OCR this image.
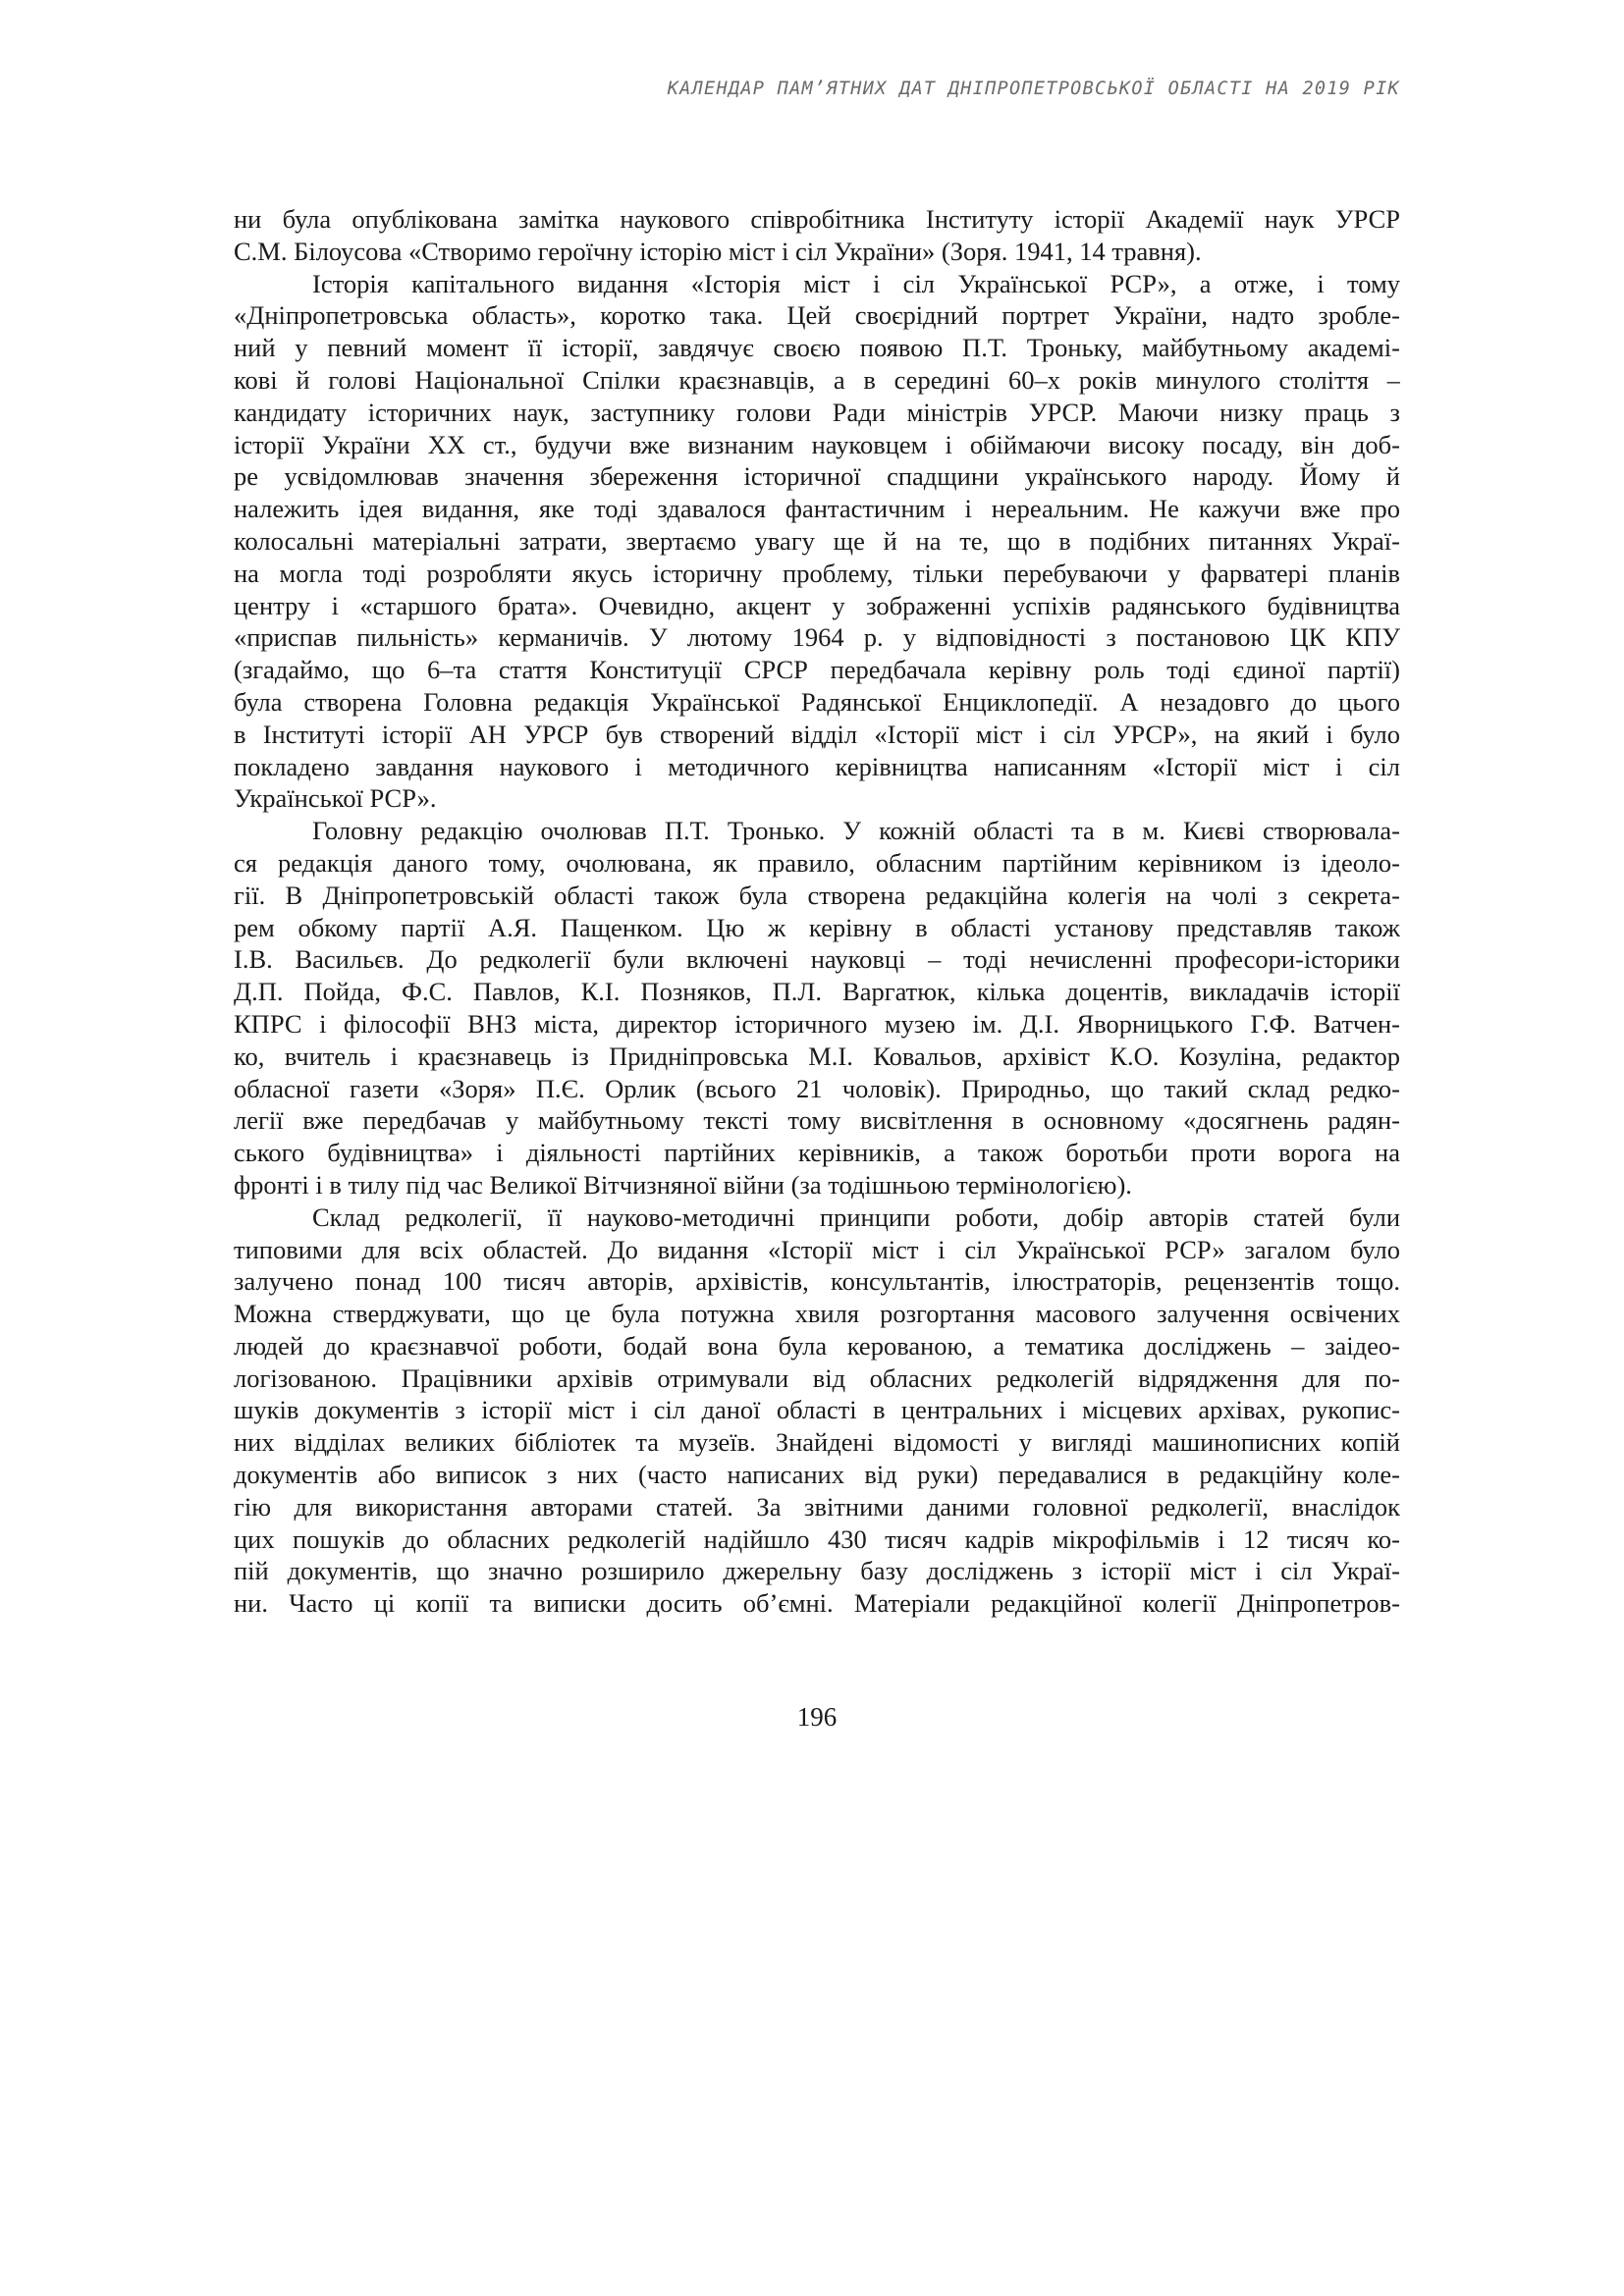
КАЛЕНДАР ПАМ’ЯТНИХ ДАТ ДНІПРОПЕТРОВСЬКОЇ ОБЛАСТІ НА 2019 РІК

ни була опублікована замітка наукового співробітника Інституту історії Академії наук УРСР
С.М. Білоусова «Створимо героїчну історію міст і сіл України» (Зоря. 1941, 14 травня).

Історія капітального видання «Історія міст і сіл Української РСР», а отже, і тому
«Дніпропетровська область», коротко така. Цей своєрідний портрет України, надто зробле-
ний у певний момент її історії, завдячує своєю появою П.Т. Троньку, майбутньому академі-
кові й голові Національної Спілки краєзнавців, а в середині 60–х років минулого століття –
кандидату історичних наук, заступнику голови Ради міністрів УРСР. Маючи низку праць з
історії України XX ст., будучи вже визнаним науковцем і обіймаючи високу посаду, він доб-
ре усвідомлював значення збереження історичної спадщини українського народу. Йому й
належить ідея видання, яке тоді здавалося фантастичним і нереальним. Не кажучи вже про
колосальні матеріальні затрати, звертаємо увагу ще й на те, що в подібних питаннях Украї-
на могла тоді розробляти якусь історичну проблему, тільки перебуваючи у фарватері планів
центру і «старшого брата». Очевидно, акцент у зображенні успіхів радянського будівництва
«приспав пильність» керманичів. У лютому 1964 р. у відповідності з постановою ЦК КПУ
(згадаймо, що 6–та стаття Конституції СРСР передбачала керівну роль тоді єдиної партії)
була створена Головна редакція Української Радянської Енциклопедії. А незадовго до цього
в Інституті історії АН УРСР був створений відділ «Історії міст і сіл УРСР», на який і було
покладено завдання наукового і методичного керівництва написанням «Історії міст і сіл
Української РСР».

Головну редакцію очолював П.Т. Тронько. У кожній області та в м. Києві створювала-
ся редакція даного тому, очолювана, як правило, обласним партійним керівником із ідеоло-
гії. В Дніпропетровській області також була створена редакційна колегія на чолі з секрета-
рем обкому партії А.Я. Пащенком. Цю ж керівну в області установу представляв також
І.В. Васильєв. До редколегії були включені науковці – тоді нечисленні професори-історики
Д.П. Пойда, Ф.С. Павлов, К.І. Позняков, П.Л. Варгатюк, кілька доцентів, викладачів історії
КПРС і філософії ВНЗ міста, директор історичного музею ім. Д.І. Яворницького Г.Ф. Ватчен-
ко, вчитель і краєзнавець із Придніпровська М.І. Ковальов, архівіст К.О. Козуліна, редактор
обласної газети «Зоря» П.Є. Орлик (всього 21 чоловік). Природньо, що такий склад редко-
легії вже передбачав у майбутньому тексті тому висвітлення в основному «досягнень радян-
ського будівництва» і діяльності партійних керівників, а також боротьби проти ворога на
фронті і в тилу під час Великої Вітчизняної війни (за тодішньою термінологією).

Склад редколегії, її науково-методичні принципи роботи, добір авторів статей були
типовими для всіх областей. До видання «Історії міст і сіл Української РСР» загалом було
залучено понад 100 тисяч авторів, архівістів, консультантів, ілюстраторів, рецензентів тощо.
Можна стверджувати, що це була потужна хвиля розгортання масового залучення освічених
людей до краєзнавчої роботи, бодай вона була керованою, а тематика досліджень – заідео-
логізованою. Працівники архівів отримували від обласних редколегій відрядження для по-
шуків документів з історії міст і сіл даної області в центральних і місцевих архівах, рукопис-
них відділах великих бібліотек та музеїв. Знайдені відомості у вигляді машинописних копій
документів або виписок з них (часто написаних від руки) передавалися в редакційну коле-
гію для використання авторами статей. За звітними даними головної редколегії, внаслідок
цих пошуків до обласних редколегій надійшло 430 тисяч кадрів мікрофільмів і 12 тисяч ко-
пій документів, що значно розширило джерельну базу досліджень з історії міст і сіл Украї-
ни. Часто ці копії та виписки досить об’ємні. Матеріали редакційної колегії Дніпропетров-

196
